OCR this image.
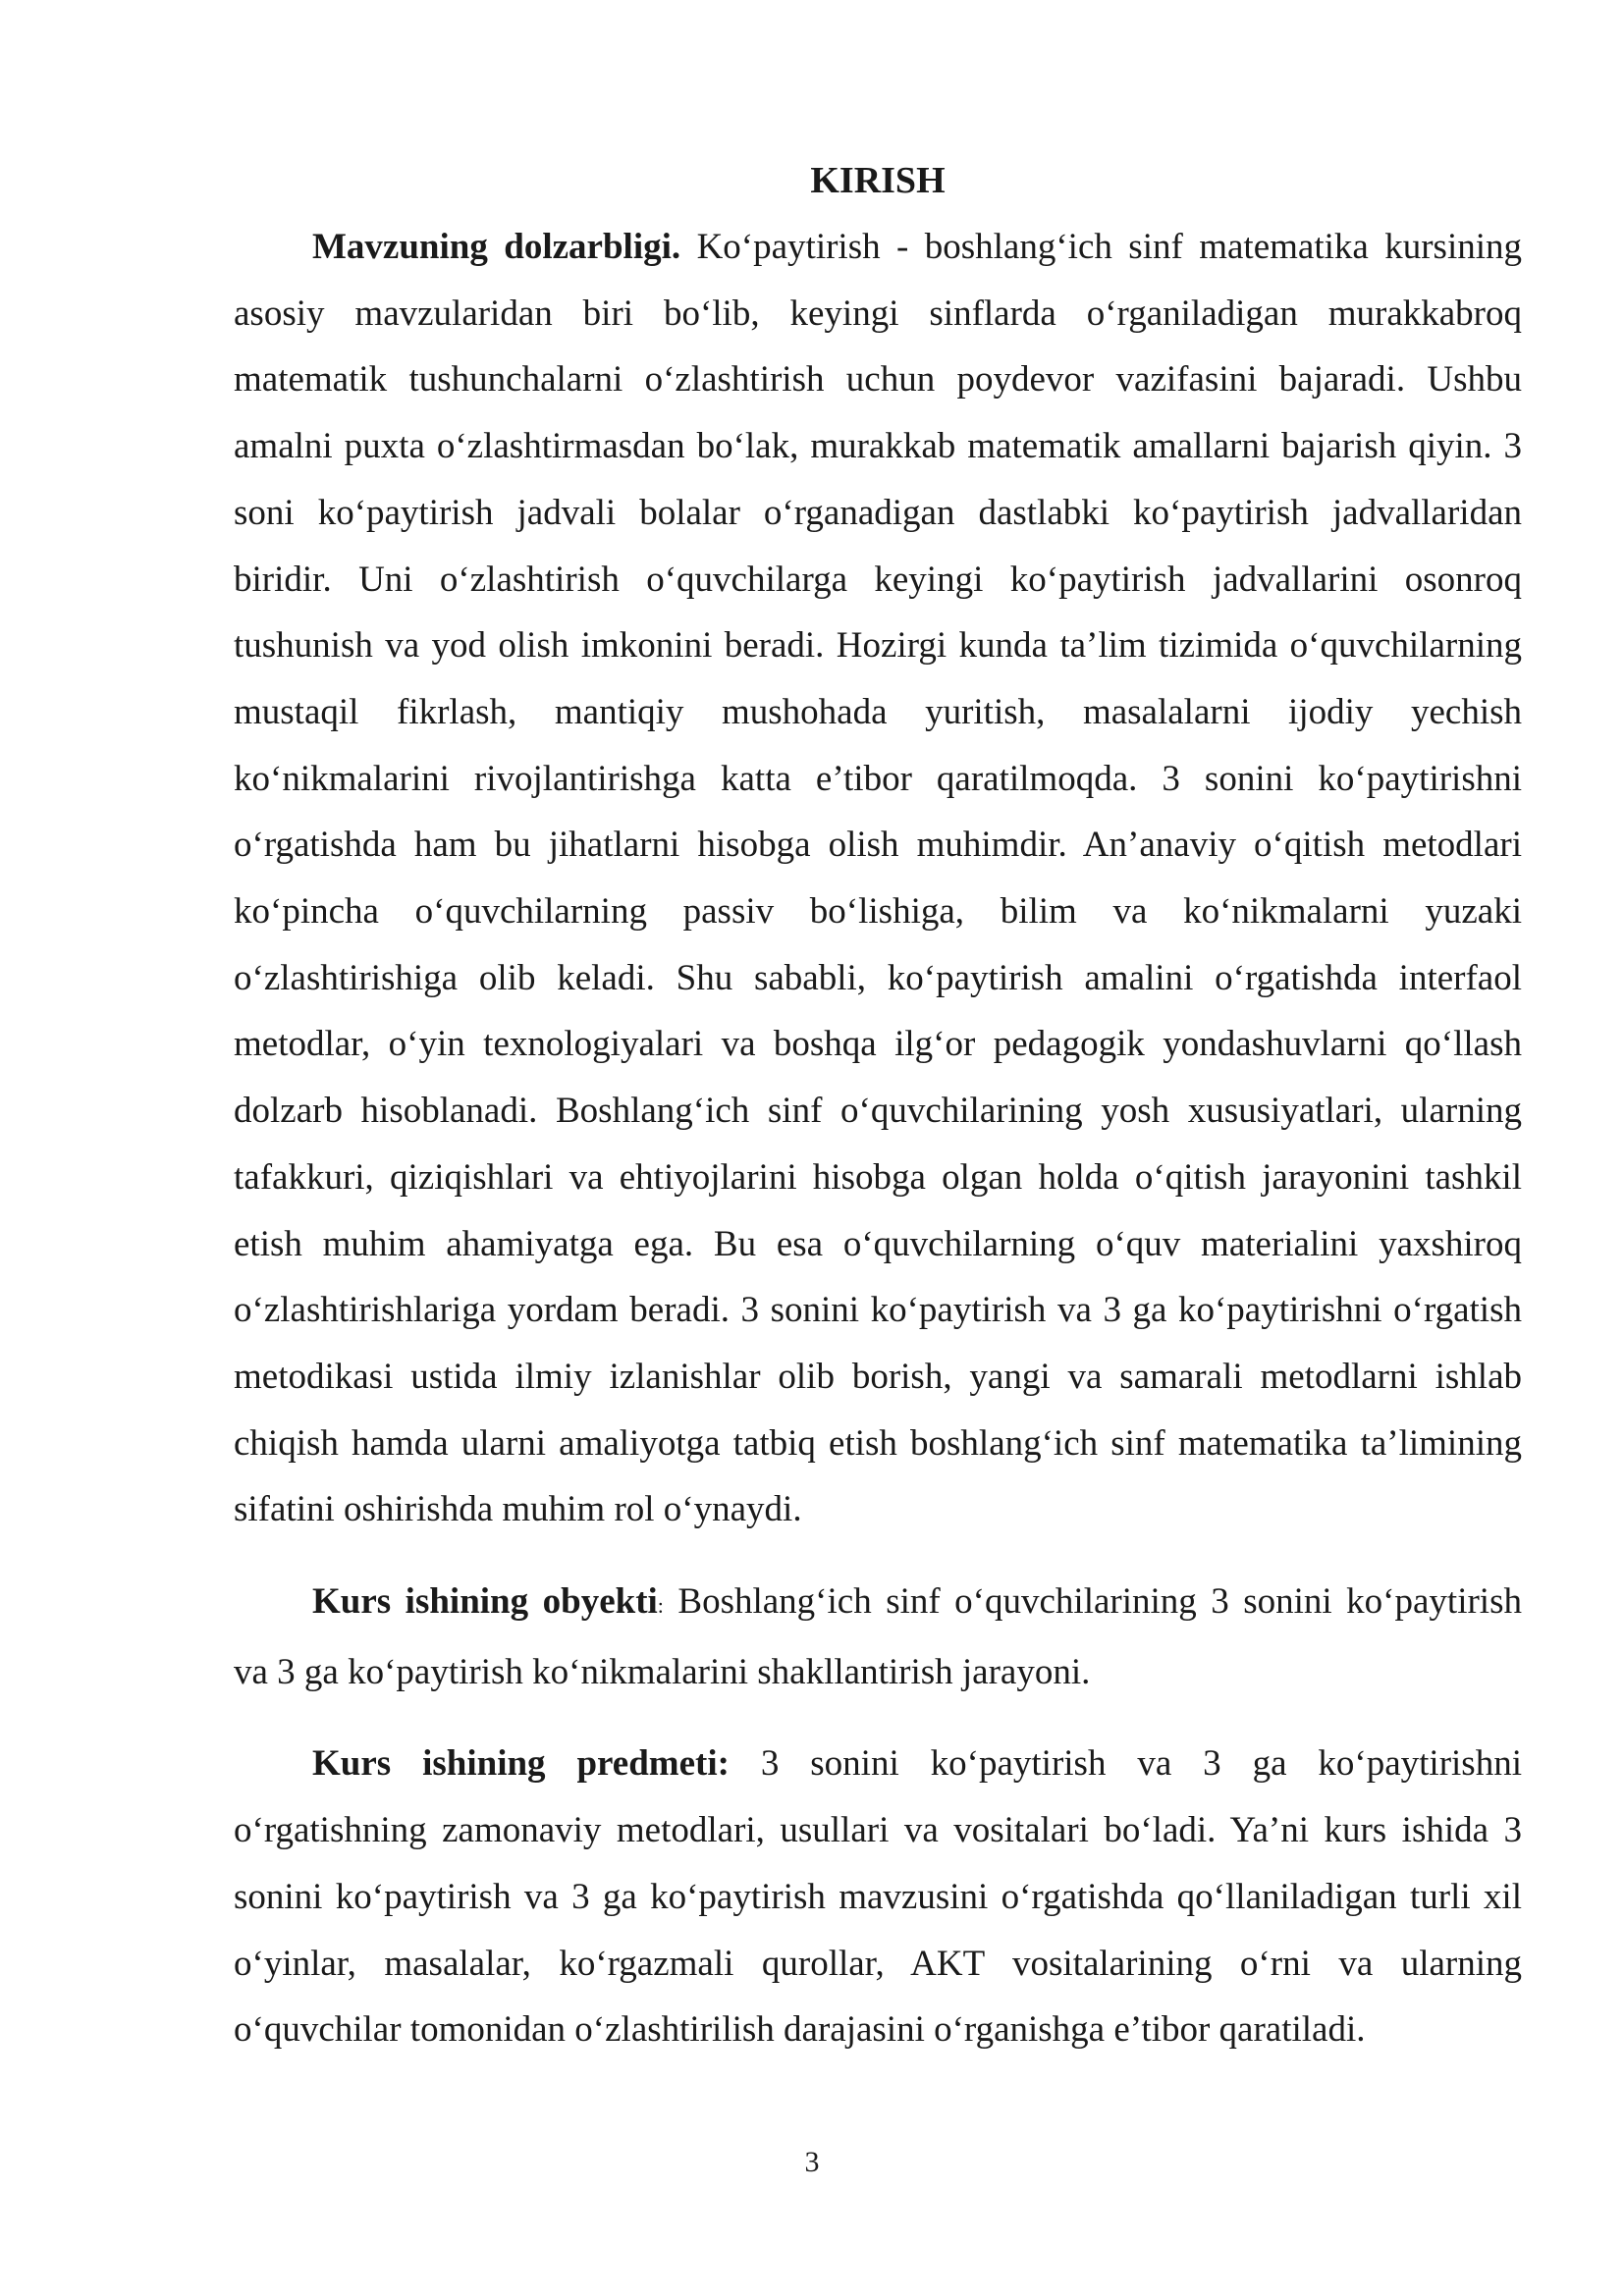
KIRISH

Mavzuning dolzarbligi. Ko‘paytirish - boshlang‘ich sinf matematika kursining asosiy mavzularidan biri bo‘lib, keyingi sinflarda o‘rganiladigan murakkabroq matematik tushunchalarni o‘zlashtirish uchun poydevor vazifasini bajaradi. Ushbu amalni puxta o‘zlashtirmasdan bo‘lak, murakkab matematik amallarni bajarish qiyin. 3 soni ko‘paytirish jadvali bolalar o‘rganadigan dastlabki ko‘paytirish jadvallaridan biridir. Uni o‘zlashtirish o‘quvchilarga keyingi ko‘paytirish jadvallarini osonroq tushunish va yod olish imkonini beradi. Hozirgi kunda ta’lim tizimida o‘quvchilarning mustaqil fikrlash, mantiqiy mushohada yuritish, masalalarni ijodiy yechish ko‘nikmalarini rivojlantirishga katta e’tibor qaratilmoqda. 3 sonini ko‘paytirishni o‘rgatishda ham bu jihatlarni hisobga olish muhimdir. An’anaviy o‘qitish metodlari ko‘pincha o‘quvchilarning passiv bo‘lishiga, bilim va ko‘nikmalarni yuzaki o‘zlashtirishiga olib keladi. Shu sababli, ko‘paytirish amalini o‘rgatishda interfaol metodlar, o‘yin texnologiyalari va boshqa ilg‘or pedagogik yondashuvlarni qo‘llash dolzarb hisoblanadi. Boshlang‘ich sinf o‘quvchilarining yosh xususiyatlari, ularning tafakkuri, qiziqishlari va ehtiyojlarini hisobga olgan holda o‘qitish jarayonini tashkil etish muhim ahamiyatga ega. Bu esa o‘quvchilarning o‘quv materialini yaxshiroq o‘zlashtirishlariga yordam beradi. 3 sonini ko‘paytirish va 3 ga ko‘paytirishni o‘rgatish metodikasi ustida ilmiy izlanishlar olib borish, yangi va samarali metodlarni ishlab chiqish hamda ularni amaliyotga tatbiq etish boshlang‘ich sinf matematika ta’limining sifatini oshirishda muhim rol o‘ynaydi.

Kurs ishining obyekti: Boshlang‘ich sinf o‘quvchilarining 3 sonini ko‘paytirish va 3 ga ko‘paytirish ko‘nikmalarini shakllantirish jarayoni.

Kurs ishining predmeti: 3 sonini ko‘paytirish va 3 ga ko‘paytirishni o‘rgatishning zamonaviy metodlari, usullari va vositalari bo‘ladi. Ya’ni kurs ishida 3 sonini ko‘paytirish va 3 ga ko‘paytirish mavzusini o‘rgatishda qo‘llaniladigan turli xil o‘yinlar, masalalar, ko‘rgazmali qurollar, AKT vositalarining o‘rni va ularning o‘quvchilar tomonidan o‘zlashtirilish darajasini o‘rganishga e’tibor qaratiladi.

3
